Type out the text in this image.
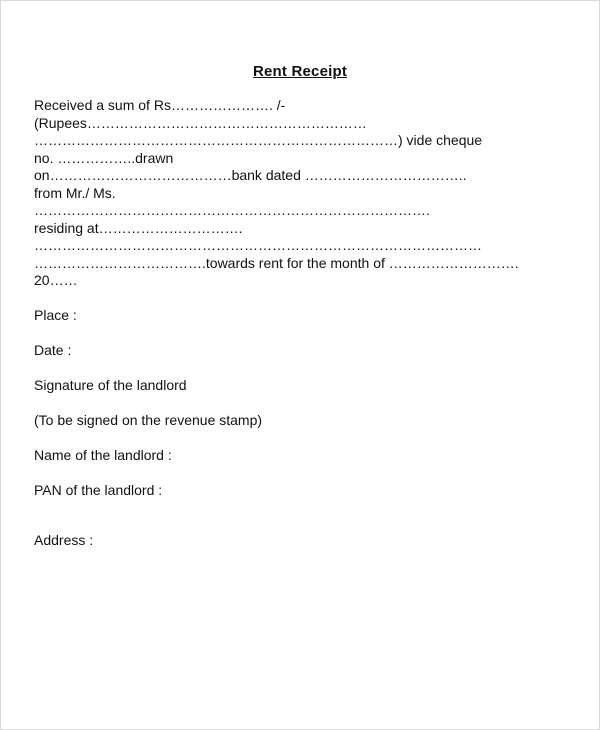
Rent Receipt
Received a sum of Rs…………………. /-
(Rupees……………………………………………………
……………………………………………………………………) vide cheque
no. ……………..drawn
on…………………………………bank dated ……………………………..
from Mr./ Ms.
………………………………………………………………………….
residing at………………………….
……………………………………………………………………………………
……………………………….towards rent for the month of ……………………….
20……
Place :
Date :
Signature of the landlord
(To be signed on the revenue stamp)
Name of the landlord :
PAN of the landlord :
Address :
